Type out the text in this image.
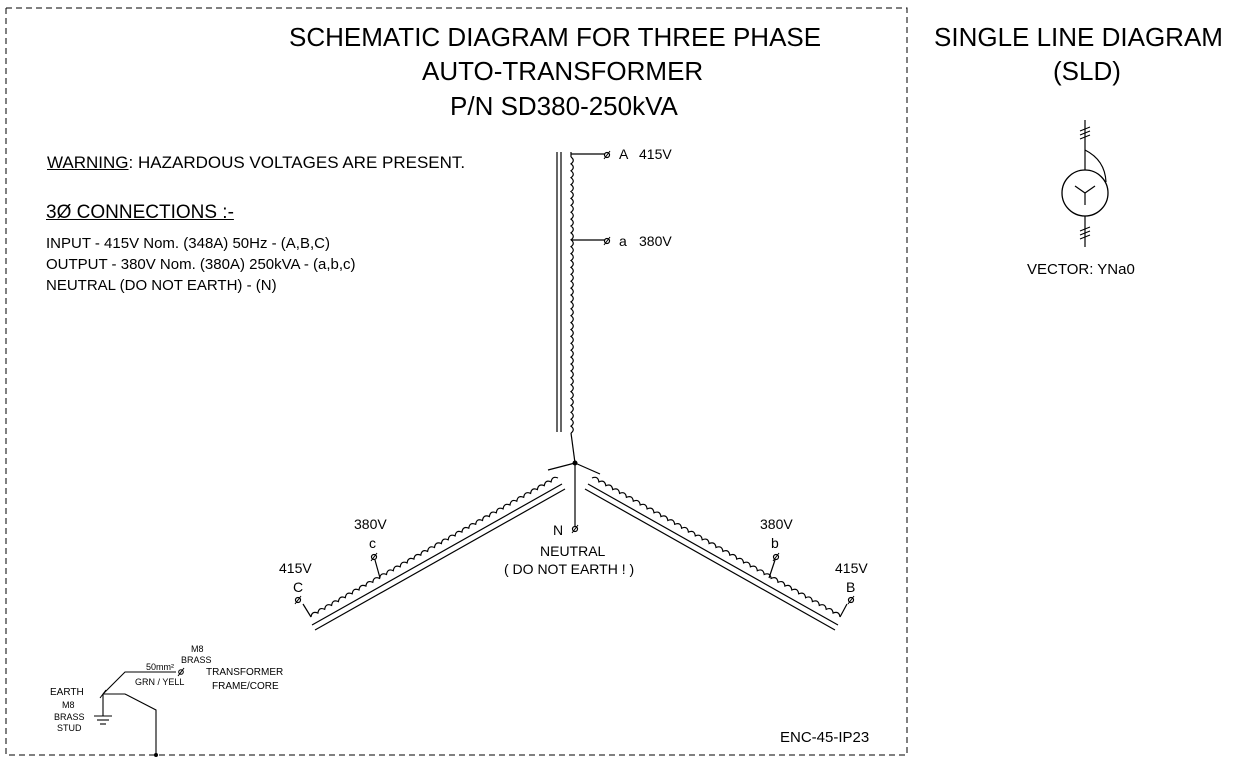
SCHEMATIC DIAGRAM FOR THREE PHASE
AUTO-TRANSFORMER
P/N SD380-250kVA
SINGLE LINE DIAGRAM
(SLD)
VECTOR: YNa0
WARNING: HAZARDOUS VOLTAGES ARE PRESENT.
3Ø CONNECTIONS :-
INPUT - 415V Nom. (348A) 50Hz - (A,B,C)
OUTPUT - 380V Nom. (380A) 250kVA - (a,b,c)
NEUTRAL (DO NOT EARTH) - (N)
A 415V
a 380V
415V
C
380V
c
380V
b
415V
B
N
NEUTRAL
( DO NOT EARTH ! )
50mm²
GRN / YELL
M8
BRASS
TRANSFORMER
FRAME/CORE
EARTH
M8
BRASS
STUD
ENC-45-IP23
